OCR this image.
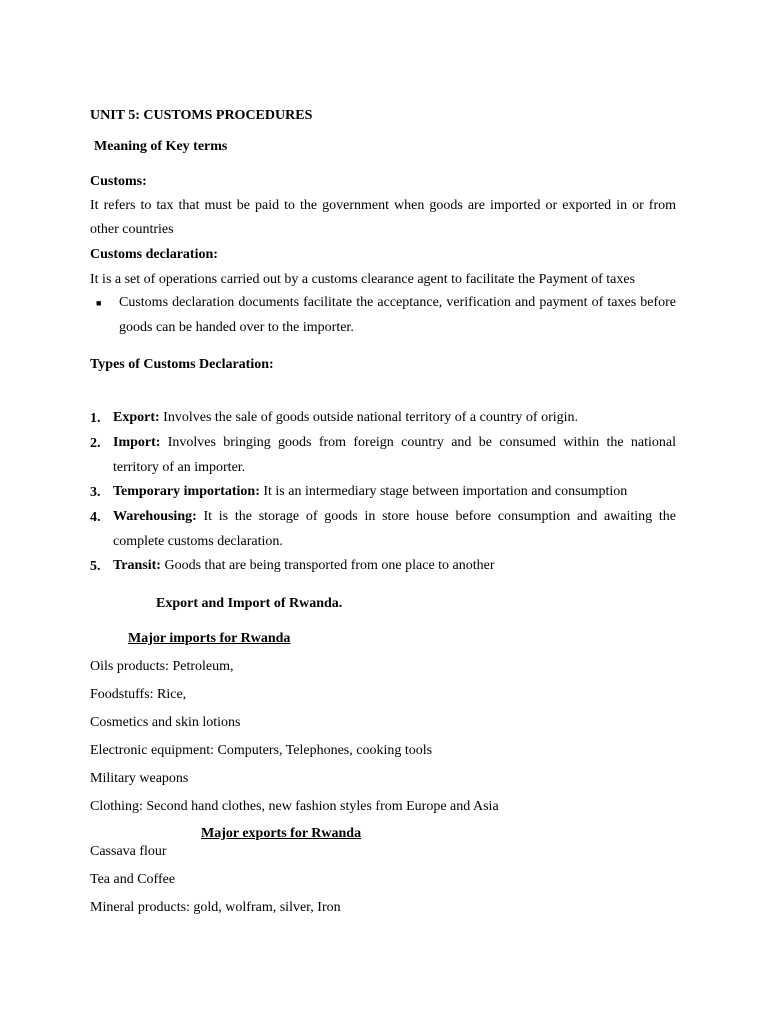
UNIT 5: CUSTOMS PROCEDURES
Meaning of Key terms
Customs:
It refers to tax that must be paid to the government when goods are imported or exported in or from other countries
Customs declaration:
It is a set of operations carried out by a customs clearance agent to facilitate the Payment of taxes
■ Customs declaration documents facilitate the acceptance, verification and payment of taxes before goods can be handed over to the importer.
Types of Customs Declaration:
1. Export: Involves the sale of goods outside national territory of a country of origin.
2. Import: Involves bringing goods from foreign country and be consumed within the national territory of an importer.
3. Temporary importation: It is an intermediary stage between importation and consumption
4. Warehousing: It is the storage of goods in store house before consumption and awaiting the complete customs declaration.
5. Transit: Goods that are being transported from one place to another
Export and Import of Rwanda.
Major imports for Rwanda
Oils products: Petroleum,
Foodstuffs: Rice,
Cosmetics and skin lotions
Electronic equipment: Computers, Telephones, cooking tools
Military weapons
Clothing: Second hand clothes, new fashion styles from Europe and Asia
Major exports for Rwanda
Cassava flour
Tea and Coffee
Mineral products: gold, wolfram, silver, Iron
